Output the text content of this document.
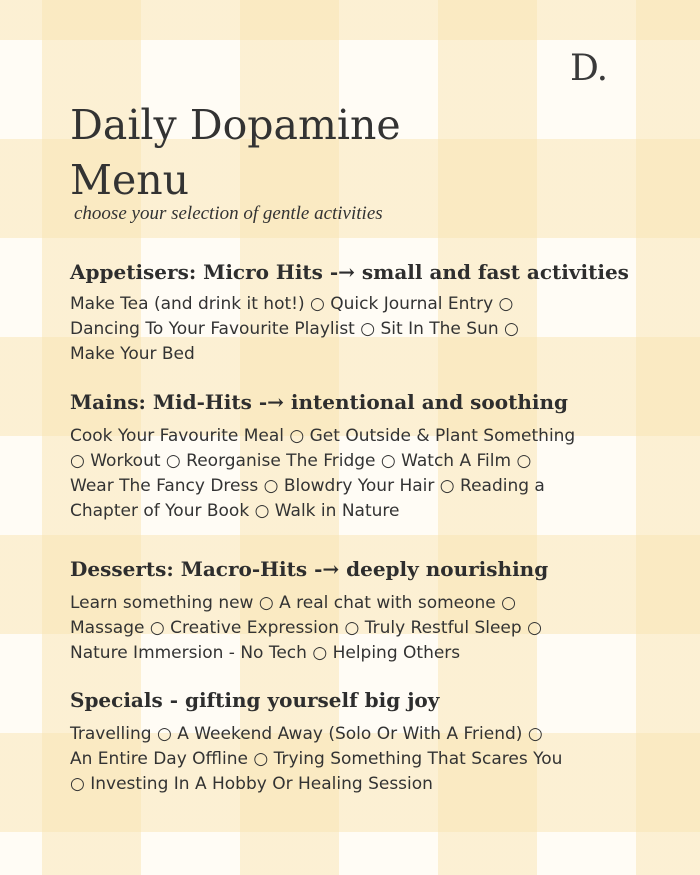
D.
Daily Dopamine Menu

choose your selection of gentle activities

Appetisers: Micro Hits -→ small and fast activities

Make Tea (and drink it hot!) ○ Quick Journal Entry ○
Dancing To Your Favourite Playlist ○ Sit In The Sun ○
Make Your Bed

Mains: Mid-Hits -→ intentional and soothing

Cook Your Favourite Meal ○ Get Outside & Plant Something
○ Workout ○ Reorganise The Fridge ○ Watch A Film ○
Wear The Fancy Dress ○ Blowdry Your Hair ○ Reading a
Chapter of Your Book ○ Walk in Nature

Desserts: Macro-Hits -→ deeply nourishing

Learn something new ○ A real chat with someone ○
Massage ○ Creative Expression ○ Truly Restful Sleep ○
Nature Immersion - No Tech ○ Helping Others

Specials - gifting yourself big joy

Travelling ○ A Weekend Away (Solo Or With A Friend) ○
An Entire Day Offline ○ Trying Something That Scares You
○ Investing In A Hobby Or Healing Session
